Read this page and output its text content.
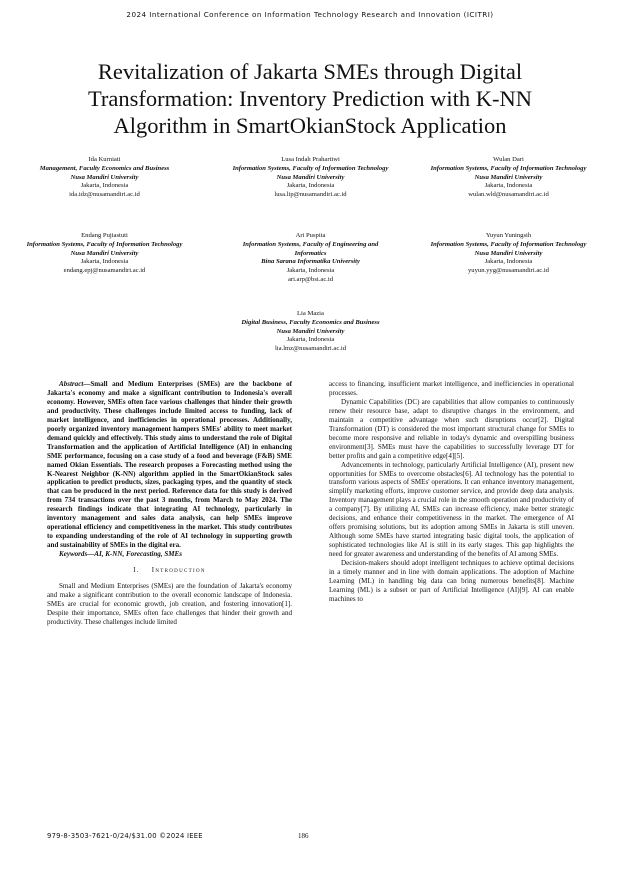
2024 International Conference on Information Technology Research and Innovation (ICITRI)
Revitalization of Jakarta SMEs through Digital Transformation: Inventory Prediction with K-NN Algorithm in SmartOkianStock Application
Ida Kurniati
Management, Faculty Economics and Business
Nusa Mandiri University
Jakarta, Indonesia
ida.idz@nusamandiri.ac.id
Lusa Indah Prahartiwi
Information Systems, Faculty of Information Technology
Nusa Mandiri University
Jakarta, Indonesia
lusa.lip@nusamandiri.ac.id
Wulan Dari
Information Systems, Faculty of Information Technology
Nusa Mandiri University
Jakarta, Indonesia
wulan.wld@nusamandiri.ac.id
Endang Pujiastuti
Information Systems, Faculty of Information Technology
Nusa Mandiri University
Jakarta, Indonesia
endang.epj@nusamandiri.ac.id
Ari Puspita
Information Systems, Faculty of Engineering and Informatics
Bina Sarana Informatika University
Jakarta, Indonesia
ari.arp@bsi.ac.id
Yuyun Yuningsih
Information Systems, Faculty of Information Technology
Nusa Mandiri University
Jakarta, Indonesia
yuyun.yyg@nusamandiri.ac.id
Lia Mazia
Digital Business, Faculty Economics and Business
Nusa Mandiri University
Jakarta, Indonesia
lia.lmz@nusamandiri.ac.id

Abstract—Small and Medium Enterprises (SMEs) are the backbone of Jakarta's economy and make a significant contribution to Indonesia's overall economy. However, SMEs often face various challenges that hinder their growth and productivity. These challenges include limited access to funding, lack of market intelligence, and inefficiencies in operational processes. Additionally, poorly organized inventory management hampers SMEs' ability to meet market demand quickly and effectively. This study aims to understand the role of Digital Transformation and the application of Artificial Intelligence (AI) in enhancing SME performance, focusing on a case study of a food and beverage (F&B) SME named Okian Essentials. The research proposes a Forecasting method using the K-Nearest Neighbor (K-NN) algorithm applied in the SmartOkianStock sales application to predict products, sizes, packaging types, and the quantity of stock that can be produced in the next period. Reference data for this study is derived from 734 transactions over the past 3 months, from March to May 2024. The research findings indicate that integrating AI technology, particularly in inventory management and sales data analysis, can help SMEs improve operational efficiency and competitiveness in the market. This study contributes to expanding understanding of the role of AI technology in supporting growth and sustainability of SMEs in the digital era.

Keywords—AI, K-NN, Forecasting, SMEs

I. Introduction

Small and Medium Enterprises (SMEs) are the foundation of Jakarta's economy and make a significant contribution to the overall economic landscape of Indonesia. SMEs are crucial for economic growth, job creation, and fostering innovation[1]. Despite their importance, SMEs often face challenges that hinder their growth and productivity. These challenges include limited

access to financing, insufficient market intelligence, and inefficiencies in operational processes.

Dynamic Capabilities (DC) are capabilities that allow companies to continuously renew their resource base, adapt to disruptive changes in the environment, and maintain a competitive advantage when such disruptions occur[2]. Digital Transformation (DT) is considered the most important structural change for SMEs to become more responsive and reliable in today's dynamic and overspilling business environment[3]. SMEs must have the capabilities to successfully leverage DT for better profits and gain a competitive edge[4][5].

Advancements in technology, particularly Artificial Intelligence (AI), present new opportunities for SMEs to overcome obstacles[6]. AI technology has the potential to transform various aspects of SMEs' operations. It can enhance inventory management, simplify marketing efforts, improve customer service, and provide deep data analysis. Inventory management plays a crucial role in the smooth operation and productivity of a company[7]. By utilizing AI, SMEs can increase efficiency, make better strategic decisions, and enhance their competitiveness in the market. The emergence of AI offers promising solutions, but its adoption among SMEs in Jakarta is still uneven. Although some SMEs have started integrating basic digital tools, the application of sophisticated technologies like AI is still in its early stages. This gap highlights the need for greater awareness and understanding of the benefits of AI among SMEs.

Decision-makers should adopt intelligent techniques to achieve optimal decisions in a timely manner and in line with domain applications. The adoption of Machine Learning (ML) in handling big data can bring numerous benefits[8]. Machine Learning (ML) is a subset or part of Artificial Intelligence (AI)[9]. AI can enable machines to

979-8-3503-7621-0/24/$31.00 ©2024 IEEE	186
